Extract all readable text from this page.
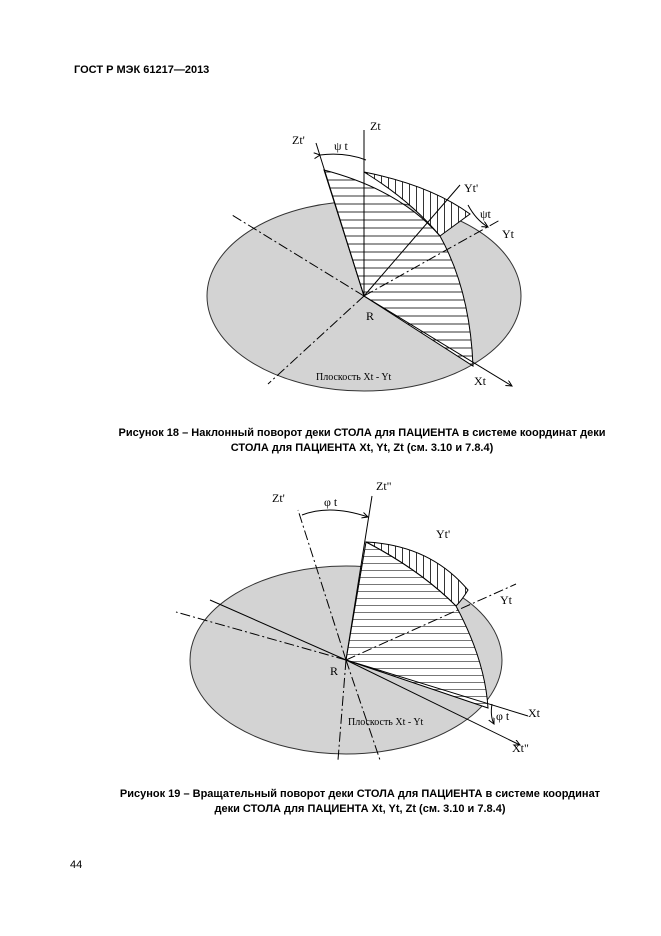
ГОСТ Р МЭК 61217—2013
Zt
Zt' ψ t
Yt'
ψt
Yt
R
Xt
Плоскость Xt - Yt
Zt"
Zt'	φ t
Yt'
Yt
R
Xt
φ t
Xt"
Плоскость Xt - Yt
Рисунок 18 – Наклонный поворот деки СТОЛА для ПАЦИЕНТА в системе координат деки
СТОЛА для ПАЦИЕНТА Xt, Yt, Zt (см. 3.10 и 7.8.4)
Рисунок 19 – Вращательный поворот деки СТОЛА для ПАЦИЕНТА в системе координат
деки СТОЛА для ПАЦИЕНТА Xt, Yt, Zt (см. 3.10 и 7.8.4)
44
